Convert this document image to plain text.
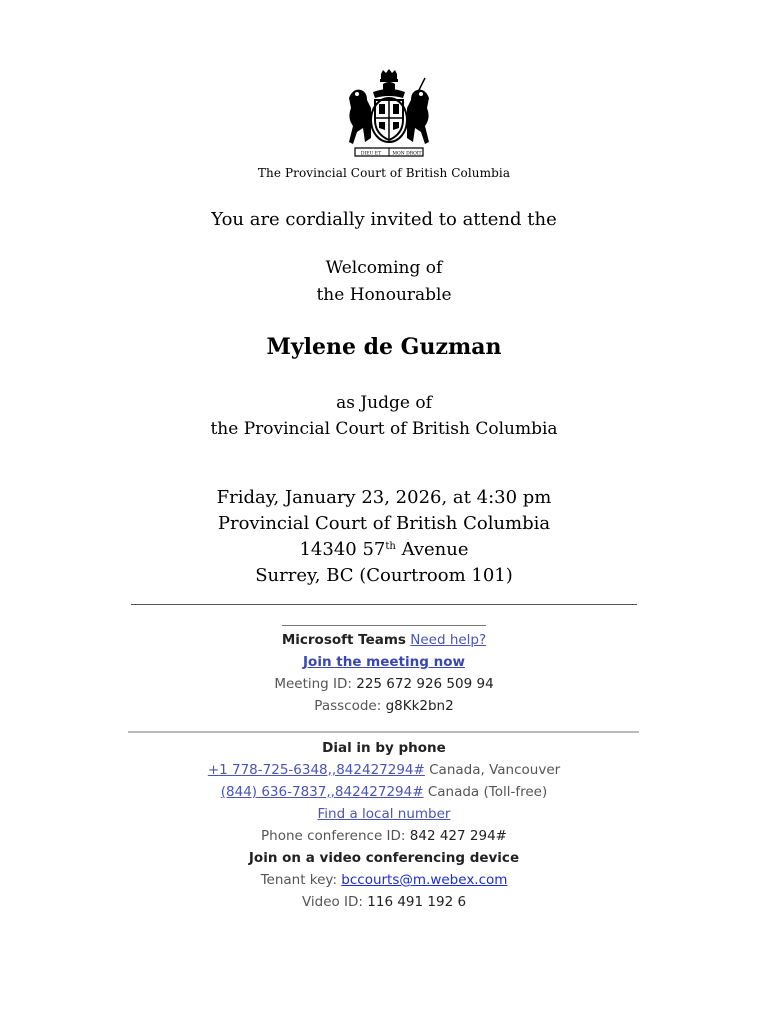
DIEU ET	MON DROIT
The Provincial Court of British Columbia
You are cordially invited to attend the
Welcoming of
the Honourable
Mylene de Guzman
as Judge of
the Provincial Court of British Columbia
Friday, January 23, 2026, at 4:30 pm
Provincial Court of British Columbia
14340 57th Avenue
Surrey, BC (Courtroom 101)
Microsoft Teams Need help?
Join the meeting now
Meeting ID: 225 672 926 509 94
Passcode: g8Kk2bn2
Dial in by phone
+1 778-725-6348,,842427294# Canada, Vancouver
(844) 636-7837,,842427294# Canada (Toll-free)
Find a local number
Phone conference ID: 842 427 294#
Join on a video conferencing device
Tenant key: bccourts@m.webex.com
Video ID: 116 491 192 6
